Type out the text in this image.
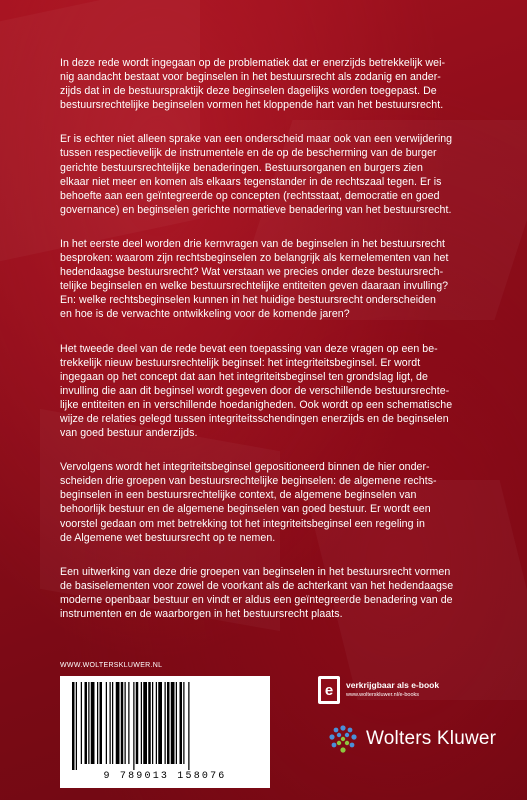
In deze rede wordt ingegaan op de problematiek dat er enerzijds betrekkelijk wei-
nig aandacht bestaat voor beginselen in het bestuursrecht als zodanig en ander-
zijds dat in de bestuurspraktijk deze beginselen dagelijks worden toegepast. De
bestuursrechtelijke beginselen vormen het kloppende hart van het bestuursrecht.

Er is echter niet alleen sprake van een onderscheid maar ook van een verwijdering
tussen respectievelijk de instrumentele en de op de bescherming van de burger
gerichte bestuursrechtelijke benaderingen. Bestuursorganen en burgers zien
elkaar niet meer en komen als elkaars tegenstander in de rechtszaal tegen. Er is
behoefte aan een geïntegreerde op concepten (rechtsstaat, democratie en goed
governance) en beginselen gerichte normatieve benadering van het bestuursrecht.

In het eerste deel worden drie kernvragen van de beginselen in het bestuursrecht
besproken: waarom zijn rechtsbeginselen zo belangrijk als kernelementen van het
hedendaagse bestuursrecht? Wat verstaan we precies onder deze bestuursrech-
telijke beginselen en welke bestuursrechtelijke entiteiten geven daaraan invulling?
En: welke rechtsbeginselen kunnen in het huidige bestuursrecht onderscheiden
en hoe is de verwachte ontwikkeling voor de komende jaren?

Het tweede deel van de rede bevat een toepassing van deze vragen op een be-
trekkelijk nieuw bestuursrechtelijk beginsel: het integriteitsbeginsel. Er wordt
ingegaan op het concept dat aan het integriteitsbeginsel ten grondslag ligt, de
invulling die aan dit beginsel wordt gegeven door de verschillende bestuursrechte-
lijke entiteiten en in verschillende hoedanigheden. Ook wordt op een schematische
wijze de relaties gelegd tussen integriteitsschendingen enerzijds en de beginselen
van goed bestuur anderzijds.

Vervolgens wordt het integriteitsbeginsel gepositioneerd binnen de hier onder-
scheiden drie groepen van bestuursrechtelijke beginselen: de algemene rechts-
beginselen in een bestuursrechtelijke context, de algemene beginselen van
behoorlijk bestuur en de algemene beginselen van goed bestuur. Er wordt een
voorstel gedaan om met betrekking tot het integriteitsbeginsel een regeling in
de Algemene wet bestuursrecht op te nemen.

Een uitwerking van deze drie groepen van beginselen in het bestuursrecht vormen
de basiselementen voor zowel de voorkant als de achterkant van het hedendaagse
moderne openbaar bestuur en vindt er aldus een geïntegreerde benadering van de
instrumenten en de waarborgen in het bestuursrecht plaats.

WWW.WOLTERSKLUWER.NL
9 789013 158076
e verkrijgbaar als e-book
www.wolterskluwer.nl/e-books
Wolters Kluwer
